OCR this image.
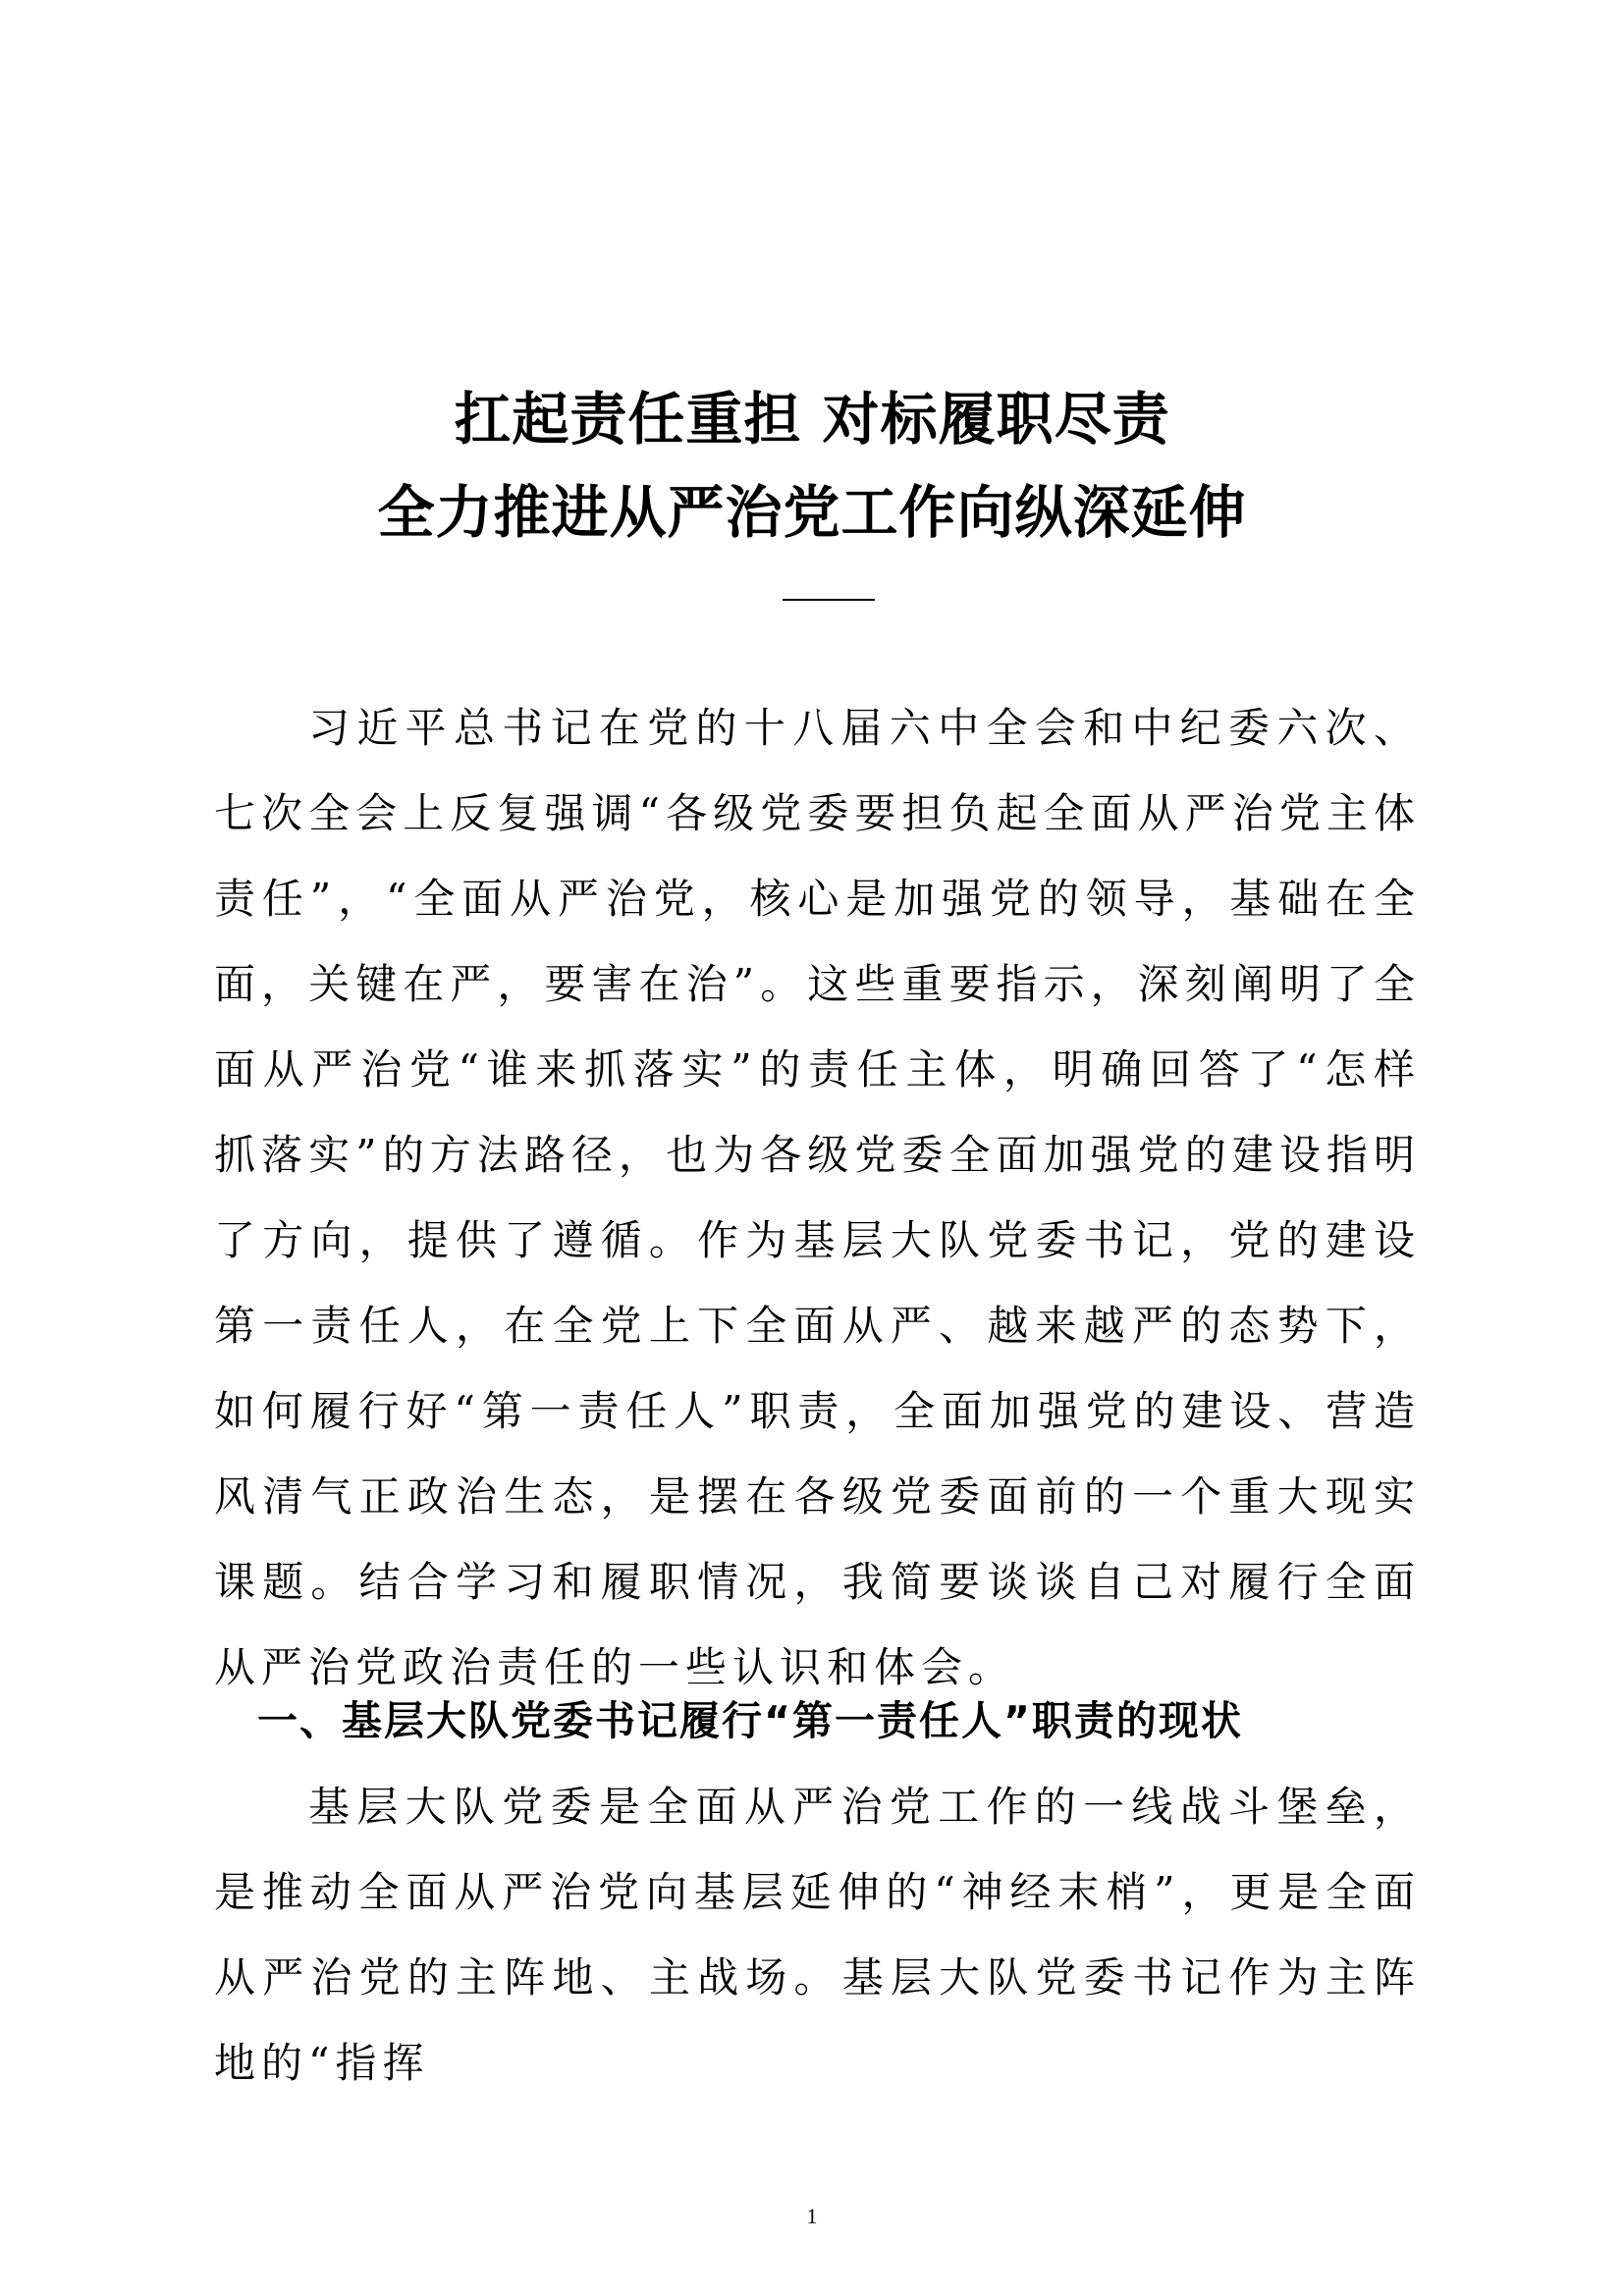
扛起责任重担 对标履职尽责
全力推进从严治党工作向纵深延伸

习近平总书记在党的十八届六中全会和中纪委六次、七次全会上反复强调“各级党委要担负起全面从严治党主体责任”，“全面从严治党，核心是加强党的领导，基础在全面，关键在严，要害在治”。这些重要指示，深刻阐明了全面从严治党“谁来抓落实”的责任主体，明确回答了“怎样抓落实”的方法路径，也为各级党委全面加强党的建设指明了方向，提供了遵循。作为基层大队党委书记，党的建设第一责任人，在全党上下全面从严、越来越严的态势下，如何履行好“第一责任人”职责，全面加强党的建设、营造风清气正政治生态，是摆在各级党委面前的一个重大现实课题。结合学习和履职情况，我简要谈谈自己对履行全面从严治党政治责任的一些认识和体会。

一、基层大队党委书记履行“第一责任人”职责的现状

基层大队党委是全面从严治党工作的一线战斗堡垒，是推动全面从严治党向基层延伸的“神经末梢”，更是全面从严治党的主阵地、主战场。基层大队党委书记作为主阵地的“指挥

1
